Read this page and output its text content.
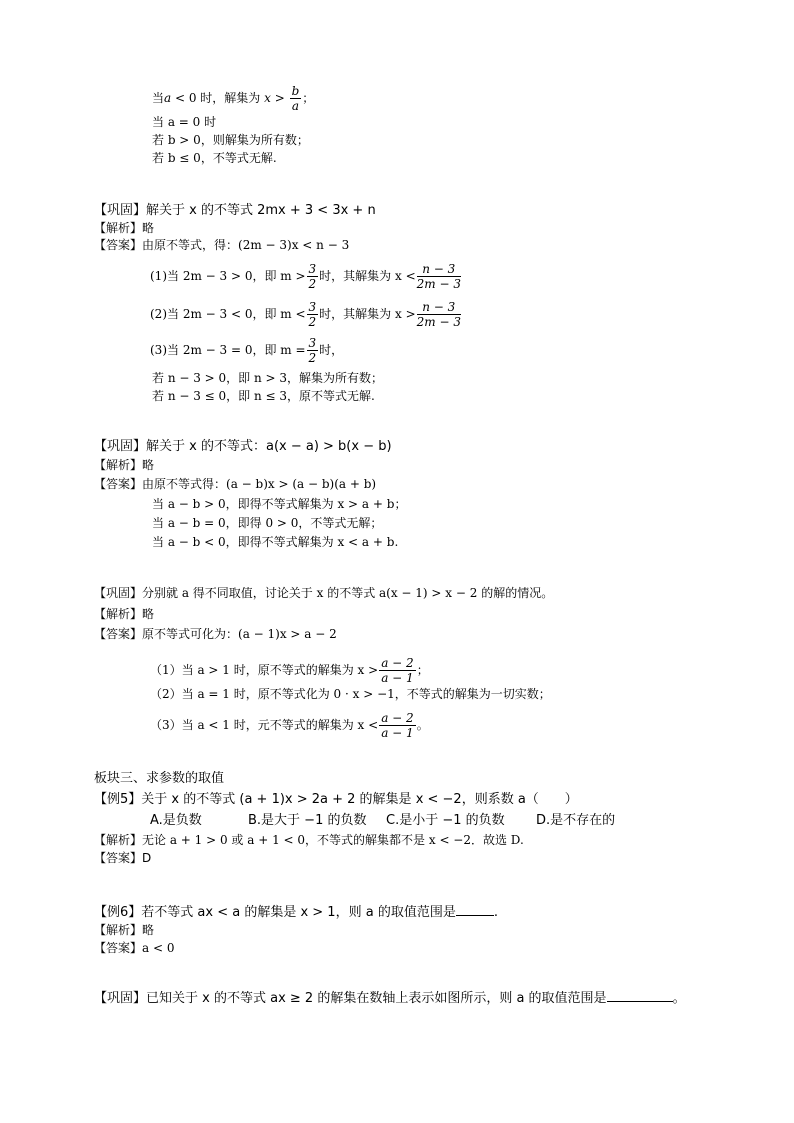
当a < 0 时，解集为 $x > \frac{b}{a}$ ；
当 a = 0 时
若 b > 0，则解集为所有数；
若 b ≤ 0，不等式无解.
【巩固】解关于 x 的不等式 2mx + 3 < 3x + n
【解析】略
【答案】由原不等式，得：(2m − 3)x < n − 3
(1)当 2m − 3 > 0，即 $m > \frac{3}{2}$ 时，其解集为 $x < \frac{n - 3}{2m - 3}$
(2)当 2m − 3 < 0，即 $m < \frac{3}{2}$ 时，其解集为 $x > \frac{n - 3}{2m - 3}$
(3)当 2m − 3 = 0，即 $m = \frac{3}{2}$ 时，
若 n − 3 > 0，即 n > 3，解集为所有数；
若 n − 3 ≤ 0，即 n ≤ 3，原不等式无解.
【巩固】解关于 x 的不等式：a(x − a) > b(x − b)
【解析】略
【答案】由原不等式得：(a − b)x > (a − b)(a + b)
当 a − b > 0，即得不等式解集为 x > a + b；
当 a − b = 0，即得 0 > 0，不等式无解；
当 a − b < 0，即得不等式解集为 x < a + b.
【巩固】分别就 a 得不同取值，讨论关于 x 的不等式 a(x − 1) > x − 2 的解的情况。
【解析】略
【答案】原不等式可化为：(a − 1)x > a − 2
（1）当 a > 1 时，原不等式的解集为 $x > \frac{a - 2}{a - 1}$ ；
（2）当 a = 1 时，原不等式化为 0 · x > −1，不等式的解集为一切实数；
（3）当 a < 1 时，元不等式的解集为 $x < \frac{a - 2}{a - 1}$ 。
板块三、求参数的取值
【例5】关于 x 的不等式 (a + 1)x > 2a + 2 的解集是 x < −2，则系数 a（　　）
A.是负数	B.是大于 −1 的负数 C.是小于 −1 的负数 D.是不存在的
【解析】无论 a + 1 > 0 或 a + 1 < 0，不等式的解集都不是 x < −2．故选 D.
【答案】D
【例6】若不等式 ax < a 的解集是 x > 1，则 a 的取值范围是	.
【解析】略
【答案】a < 0
【巩固】已知关于 x 的不等式 ax ≥ 2 的解集在数轴上表示如图所示，则 a 的取值范围是	。
